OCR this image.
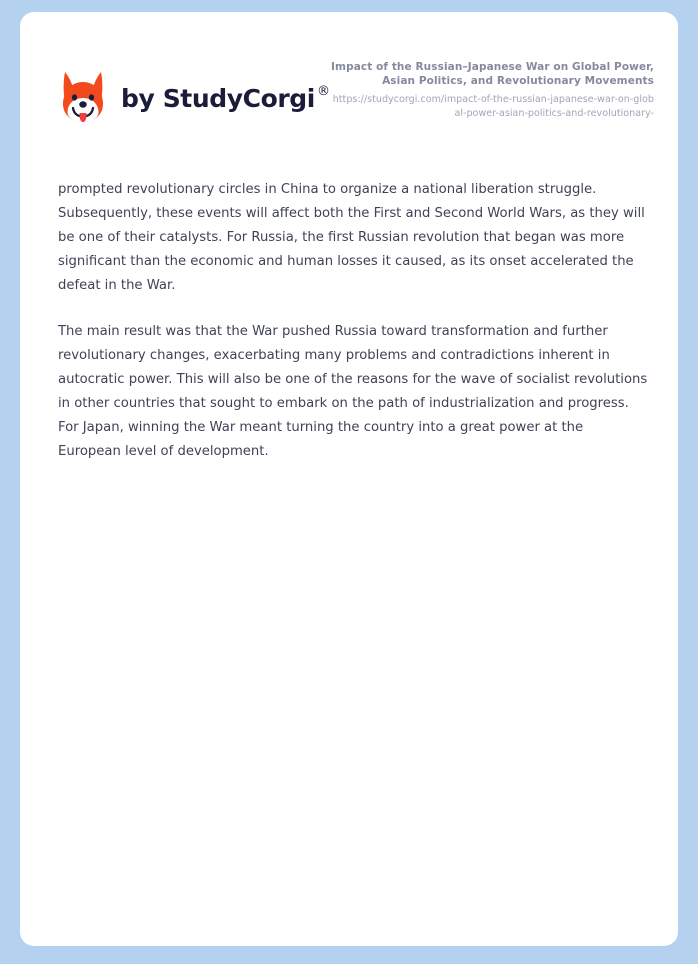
by StudyCorgi ®
Impact of the Russian–Japanese War on Global Power, Asian Politics, and Revolutionary Movements
https://studycorgi.com/impact-of-the-russian-japanese-war-on-global-power-asian-politics-and-revolutionary-

prompted revolutionary circles in China to organize a national liberation struggle. Subsequently, these events will affect both the First and Second World Wars, as they will be one of their catalysts. For Russia, the first Russian revolution that began was more significant than the economic and human losses it caused, as its onset accelerated the defeat in the War.

The main result was that the War pushed Russia toward transformation and further revolutionary changes, exacerbating many problems and contradictions inherent in autocratic power. This will also be one of the reasons for the wave of socialist revolutions in other countries that sought to embark on the path of industrialization and progress. For Japan, winning the War meant turning the country into a great power at the European level of development.
